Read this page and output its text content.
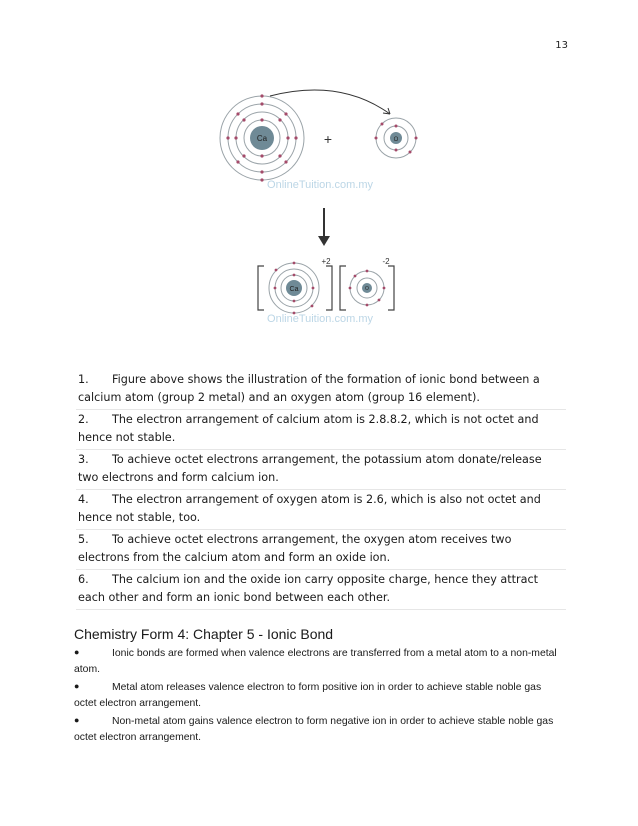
13
Ca	+	O
OnlineTuition.com.my
+2	-2
Ca	O
OnlineTuition.com.my
1. Figure above shows the illustration of the formation of ionic bond between a calcium atom (group 2 metal) and an oxygen atom (group 16 element).
2. The electron arrangement of calcium atom is 2.8.8.2, which is not octet and hence not stable.
3. To achieve octet electrons arrangement, the potassium atom donate/release two electrons and form calcium ion.
4. The electron arrangement of oxygen atom is 2.6, which is also not octet and hence not stable, too.
5. To achieve octet electrons arrangement, the oxygen atom receives two electrons from the calcium atom and form an oxide ion.
6. The calcium ion and the oxide ion carry opposite charge, hence they attract each other and form an ionic bond between each other.
Chemistry Form 4: Chapter 5 - Ionic Bond
●	Ionic bonds are formed when valence electrons are transferred from a metal atom to a non-metal atom.
●	Metal atom releases valence electron to form positive ion in order to achieve stable noble gas octet electron arrangement.
●	Non-metal atom gains valence electron to form negative ion in order to achieve stable noble gas octet electron arrangement.
